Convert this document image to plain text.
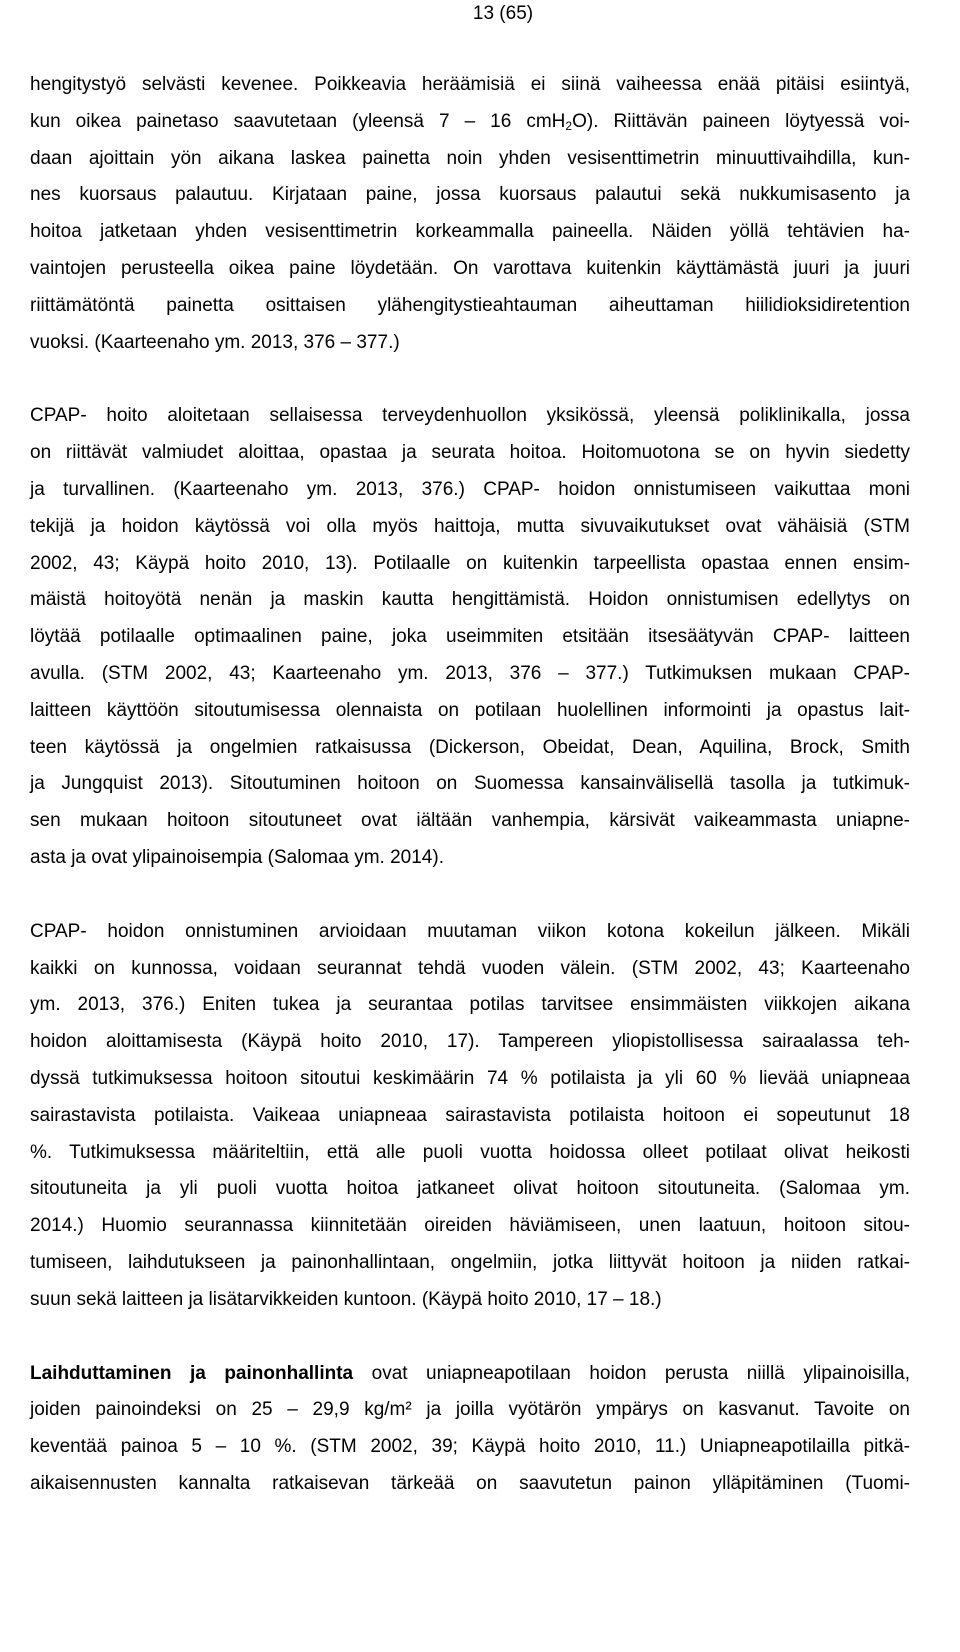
13 (65)

hengitystyö selvästi kevenee. Poikkeavia heräämisiä ei siinä vaiheessa enää pitäisi esiintyä,
kun oikea painetaso saavutetaan (yleensä 7 – 16 cmH$_2$O). Riittävän paineen löytyessä voi-
daan ajoittain yön aikana laskea painetta noin yhden vesisenttimetrin minuuttivaihdilla, kun-
nes kuorsaus palautuu. Kirjataan paine, jossa kuorsaus palautui sekä nukkumisasento ja
hoitoa jatketaan yhden vesisenttimetrin korkeammalla paineella. Näiden yöllä tehtävien ha-
vaintojen perusteella oikea paine löydetään. On varottava kuitenkin käyttämästä juuri ja juuri
riittämätöntä painetta osittaisen ylähengitystieahtauman aiheuttaman hiilidioksidiretention
vuoksi. (Kaarteenaho ym. 2013, 376 – 377.)

CPAP- hoito aloitetaan sellaisessa terveydenhuollon yksikössä, yleensä poliklinikalla, jossa
on riittävät valmiudet aloittaa, opastaa ja seurata hoitoa. Hoitomuotona se on hyvin siedetty
ja turvallinen. (Kaarteenaho ym. 2013, 376.) CPAP- hoidon onnistumiseen vaikuttaa moni
tekijä ja hoidon käytössä voi olla myös haittoja, mutta sivuvaikutukset ovat vähäisiä (STM
2002, 43; Käypä hoito 2010, 13). Potilaalle on kuitenkin tarpeellista opastaa ennen ensim-
mäistä hoitoyötä nenän ja maskin kautta hengittämistä. Hoidon onnistumisen edellytys on
löytää potilaalle optimaalinen paine, joka useimmiten etsitään itsesäätyvän CPAP- laitteen
avulla. (STM 2002, 43; Kaarteenaho ym. 2013, 376 – 377.) Tutkimuksen mukaan CPAP-
laitteen käyttöön sitoutumisessa olennaista on potilaan huolellinen informointi ja opastus lait-
teen käytössä ja ongelmien ratkaisussa (Dickerson, Obeidat, Dean, Aquilina, Brock, Smith
ja Jungquist 2013). Sitoutuminen hoitoon on Suomessa kansainvälisellä tasolla ja tutkimuk-
sen mukaan hoitoon sitoutuneet ovat iältään vanhempia, kärsivät vaikeammasta uniapne-
asta ja ovat ylipainoisempia (Salomaa ym. 2014).

CPAP- hoidon onnistuminen arvioidaan muutaman viikon kotona kokeilun jälkeen. Mikäli
kaikki on kunnossa, voidaan seurannat tehdä vuoden välein. (STM 2002, 43; Kaarteenaho
ym. 2013, 376.) Eniten tukea ja seurantaa potilas tarvitsee ensimmäisten viikkojen aikana
hoidon aloittamisesta (Käypä hoito 2010, 17). Tampereen yliopistollisessa sairaalassa teh-
dyssä tutkimuksessa hoitoon sitoutui keskimäärin 74 % potilaista ja yli 60 % lievää uniapneaa
sairastavista potilaista. Vaikeaa uniapneaa sairastavista potilaista hoitoon ei sopeutunut 18
%. Tutkimuksessa määriteltiin, että alle puoli vuotta hoidossa olleet potilaat olivat heikosti
sitoutuneita ja yli puoli vuotta hoitoa jatkaneet olivat hoitoon sitoutuneita. (Salomaa ym.
2014.) Huomio seurannassa kiinnitetään oireiden häviämiseen, unen laatuun, hoitoon sitou-
tumiseen, laihdutukseen ja painonhallintaan, ongelmiin, jotka liittyvät hoitoon ja niiden ratkai-
suun sekä laitteen ja lisätarvikkeiden kuntoon. (Käypä hoito 2010, 17 – 18.)

Laihduttaminen ja painonhallinta ovat uniapneapotilaan hoidon perusta niillä ylipainoisilla,
joiden painoindeksi on 25 – 29,9 kg/m² ja joilla vyötärön ympärys on kasvanut. Tavoite on
keventää painoa 5 – 10 %. (STM 2002, 39; Käypä hoito 2010, 11.) Uniapneapotilailla pitkä-
aikaisennusten kannalta ratkaisevan tärkeää on saavutetun painon ylläpitäminen (Tuomi-
